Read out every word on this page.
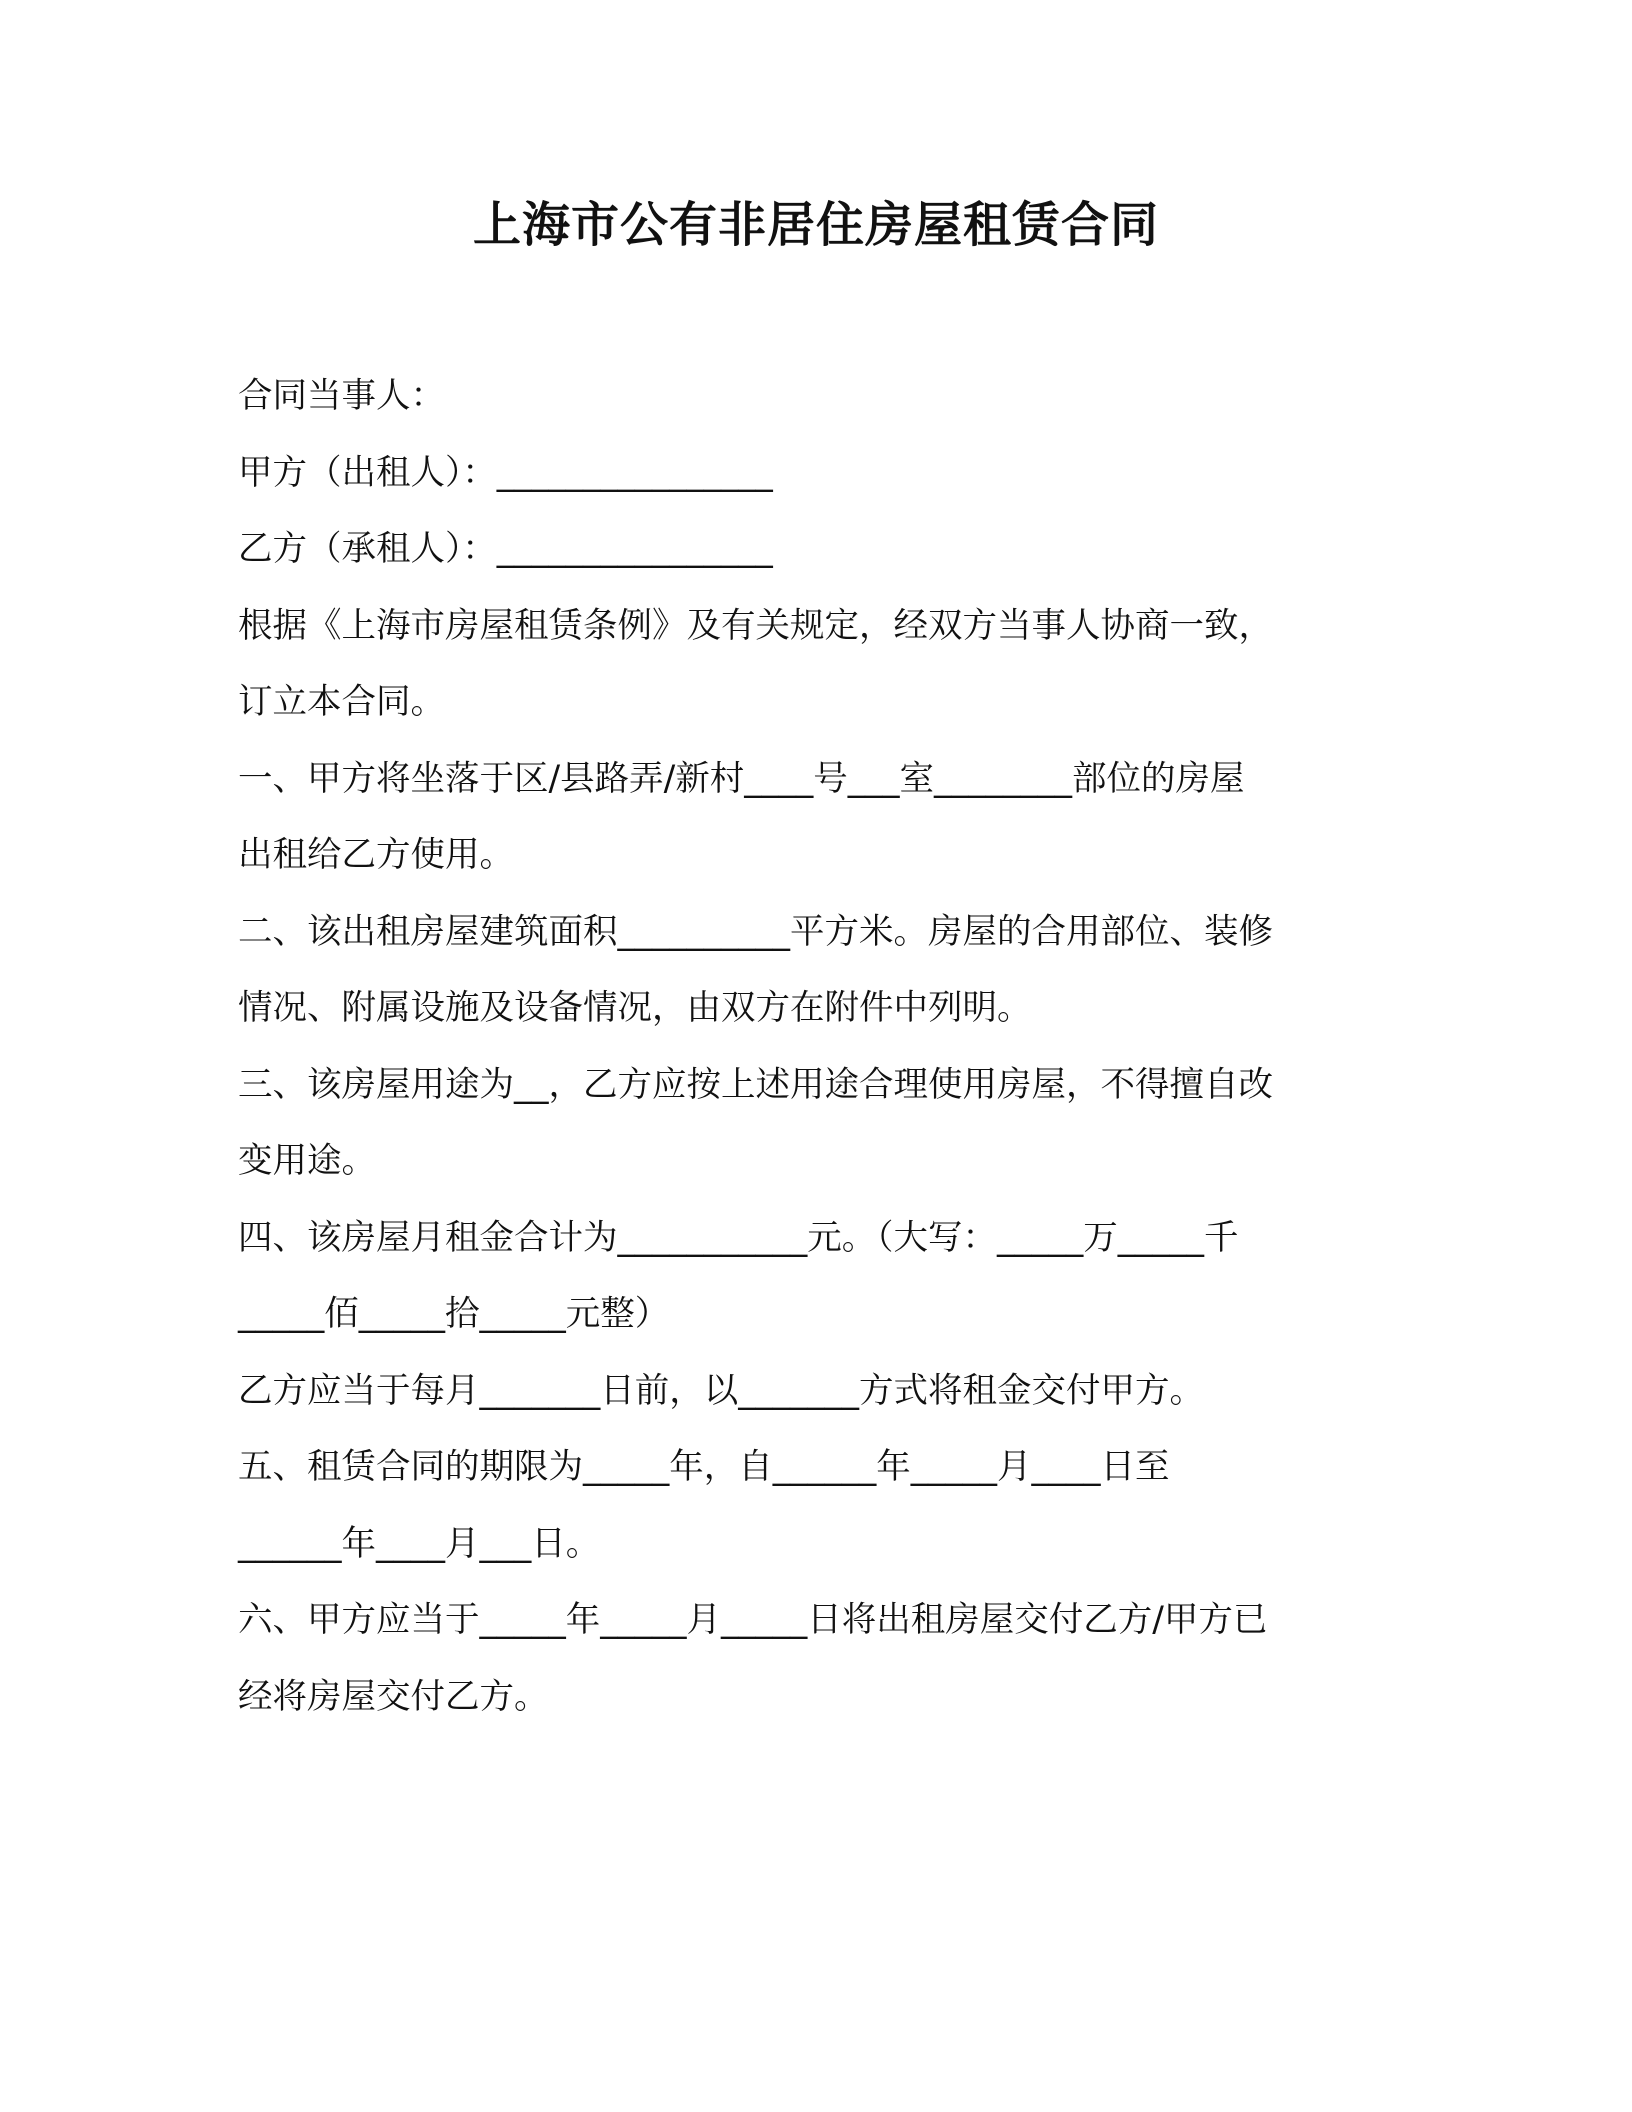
上海市公有非居住房屋租赁合同
合同当事人：
甲方（出租人）：________________
乙方（承租人）：________________
根据《上海市房屋租赁条例》及有关规定，经双方当事人协商一致，
订立本合同。
一、甲方将坐落于区/县路弄/新村____号___室________部位的房屋
出租给乙方使用。
二、该出租房屋建筑面积__________平方米。房屋的合用部位、装修
情况、附属设施及设备情况，由双方在附件中列明。
三、该房屋用途为__，乙方应按上述用途合理使用房屋，不得擅自改
变用途。
四、该房屋月租金合计为___________元。（大写：_____万_____千
_____佰_____拾_____元整）
乙方应当于每月_______日前，以_______方式将租金交付甲方。
五、租赁合同的期限为_____年，自______年_____月____日至
______年____月___日。
六、甲方应当于_____年_____月_____日将出租房屋交付乙方/甲方已
经将房屋交付乙方。
